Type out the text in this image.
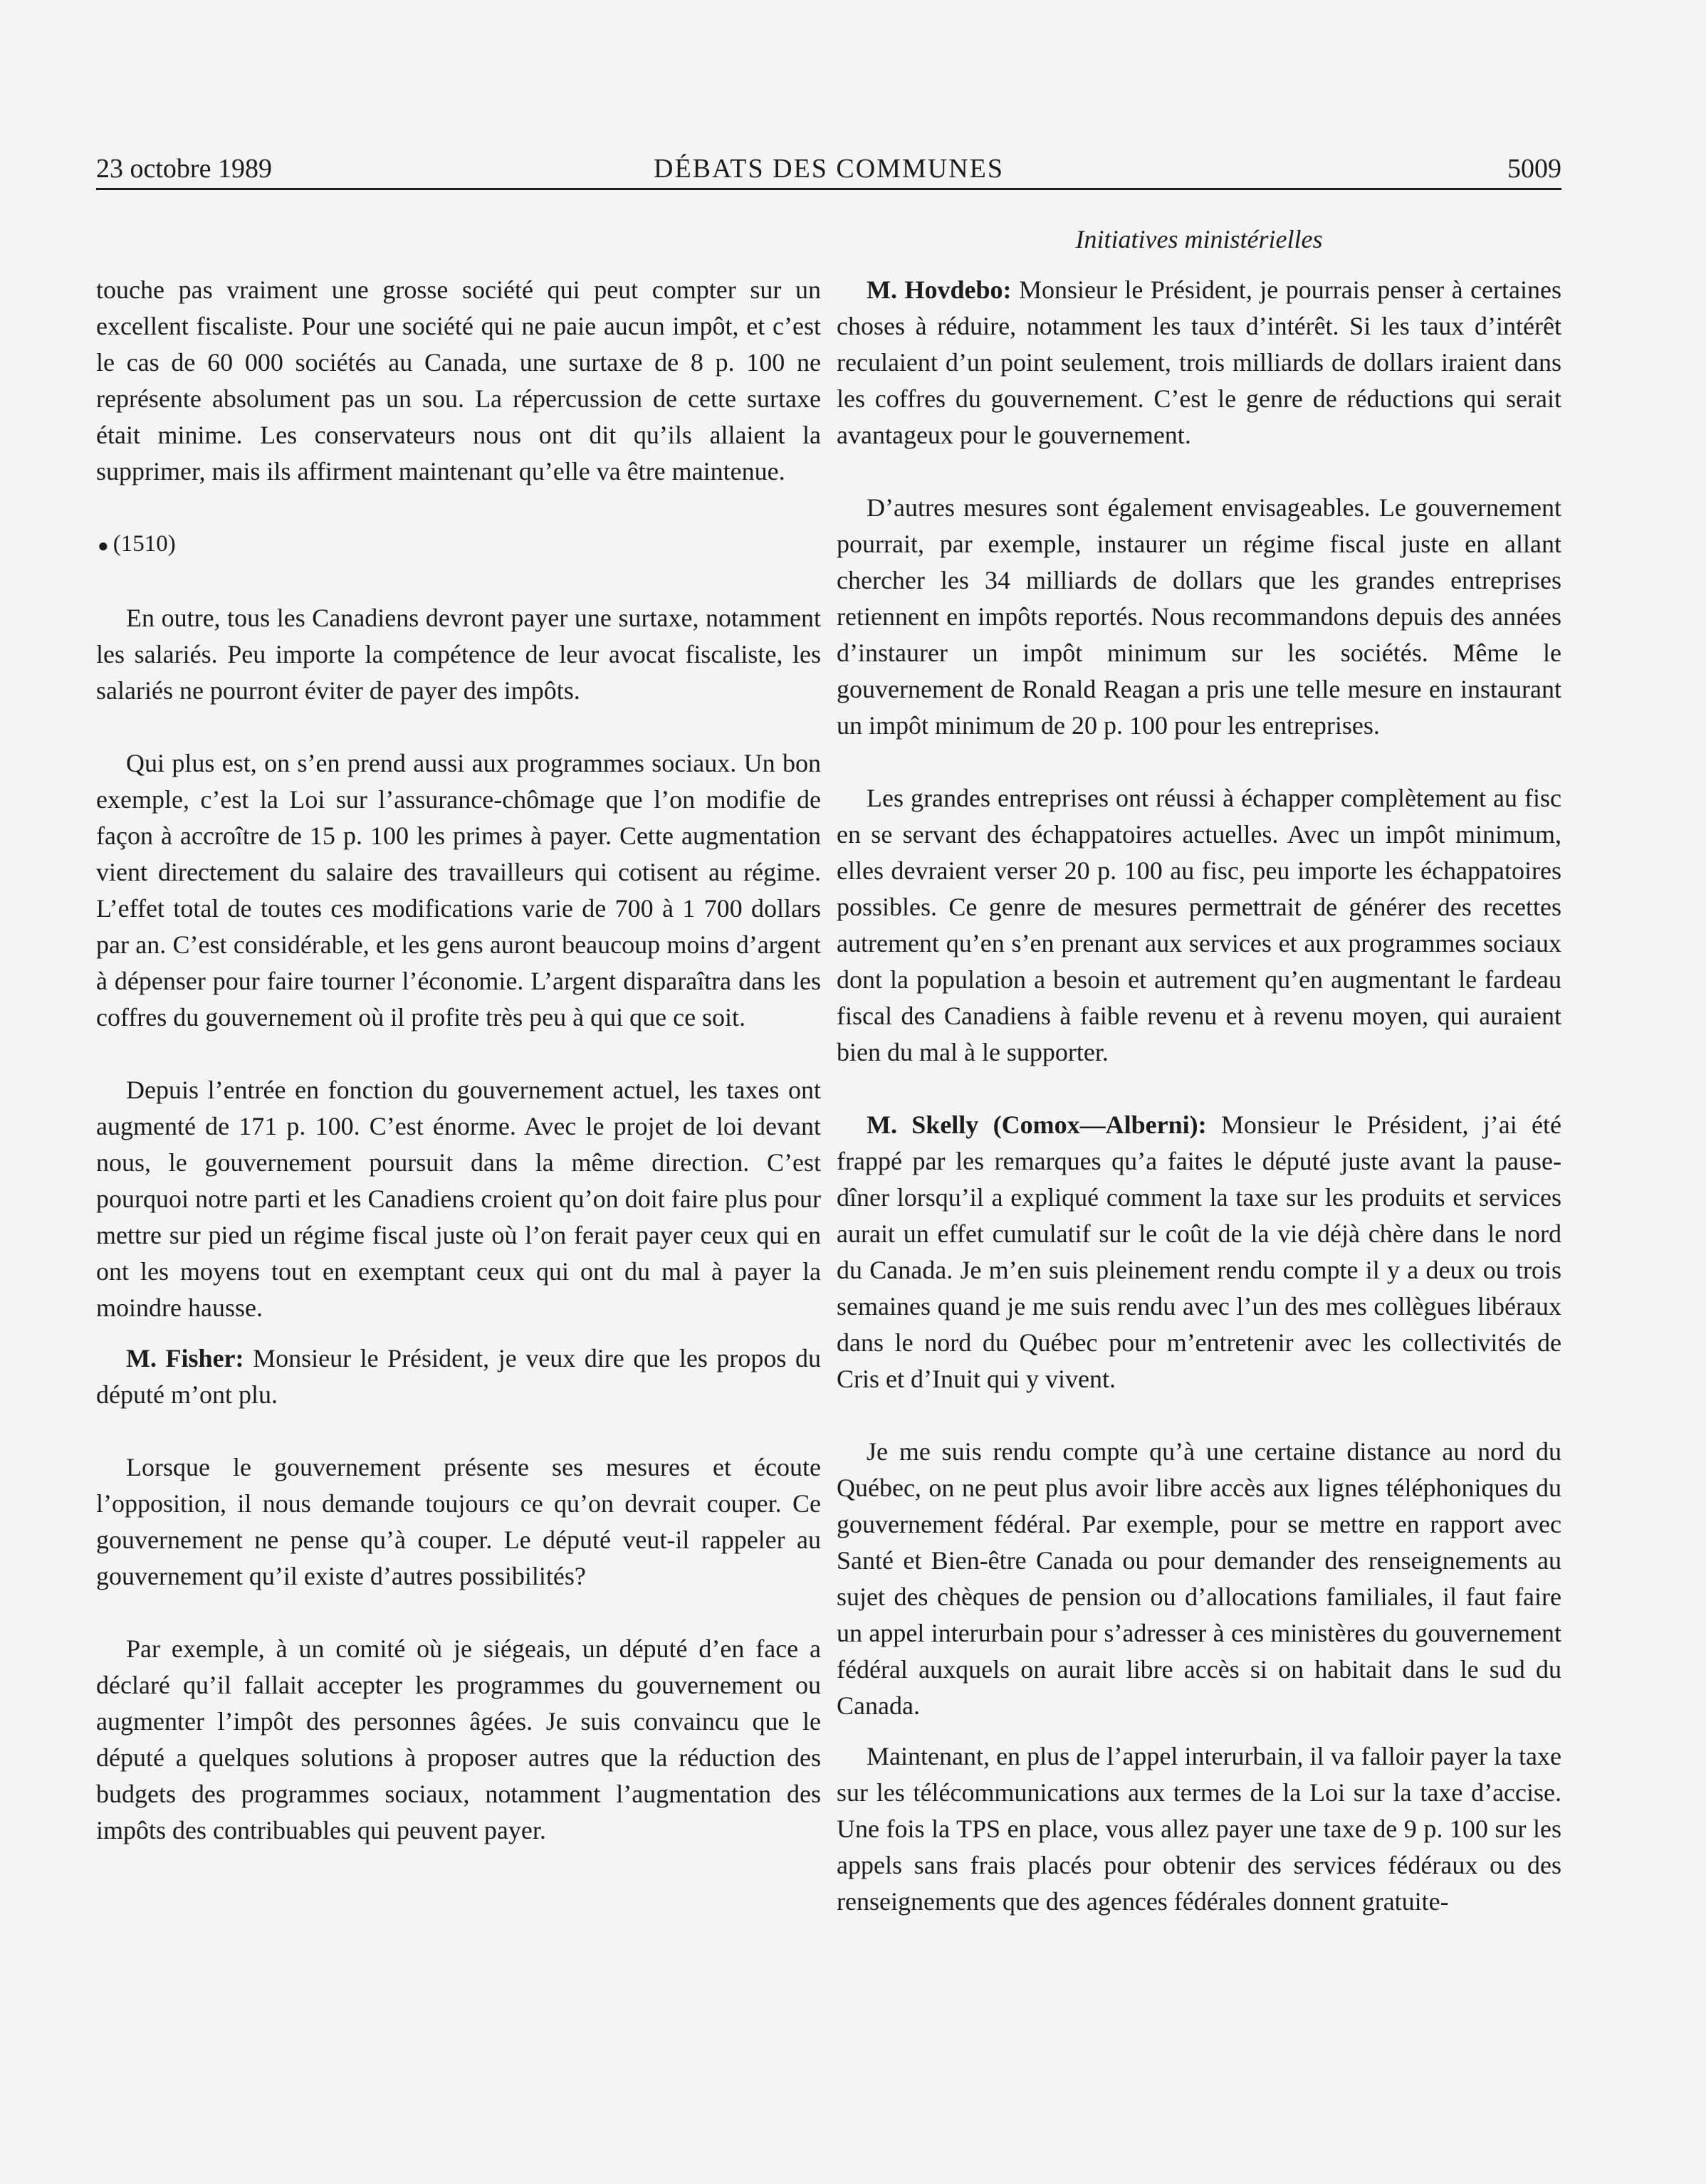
23 octobre 1989	DÉBATS DES COMMUNES	5009
Initiatives ministérielles

touche pas vraiment une grosse société qui peut compter sur un excellent fiscaliste. Pour une société qui ne paie aucun impôt, et c’est le cas de 60 000 sociétés au Canada, une surtaxe de 8 p. 100 ne représente absolument pas un sou. La répercussion de cette surtaxe était minime. Les conservateurs nous ont dit qu’ils allaient la supprimer, mais ils affirment maintenant qu’elle va être maintenue.

● (1510)

En outre, tous les Canadiens devront payer une surtaxe, notamment les salariés. Peu importe la compétence de leur avocat fiscaliste, les salariés ne pourront éviter de payer des impôts.

Qui plus est, on s’en prend aussi aux programmes sociaux. Un bon exemple, c’est la Loi sur l’assurance-chômage que l’on modifie de façon à accroître de 15 p. 100 les primes à payer. Cette augmentation vient directement du salaire des travailleurs qui cotisent au régime. L’effet total de toutes ces modifications varie de 700 à 1 700 dollars par an. C’est considérable, et les gens auront beaucoup moins d’argent à dépenser pour faire tourner l’économie. L’argent disparaîtra dans les coffres du gouvernement où il profite très peu à qui que ce soit.

Depuis l’entrée en fonction du gouvernement actuel, les taxes ont augmenté de 171 p. 100. C’est énorme. Avec le projet de loi devant nous, le gouvernement poursuit dans la même direction. C’est pourquoi notre parti et les Canadiens croient qu’on doit faire plus pour mettre sur pied un régime fiscal juste où l’on ferait payer ceux qui en ont les moyens tout en exemptant ceux qui ont du mal à payer la moindre hausse.

M. Fisher: Monsieur le Président, je veux dire que les propos du député m’ont plu.

Lorsque le gouvernement présente ses mesures et écoute l’opposition, il nous demande toujours ce qu’on devrait couper. Ce gouvernement ne pense qu’à couper. Le député veut-il rappeler au gouvernement qu’il existe d’autres possibilités?

Par exemple, à un comité où je siégeais, un député d’en face a déclaré qu’il fallait accepter les programmes du gouvernement ou augmenter l’impôt des personnes âgées. Je suis convaincu que le député a quelques solutions à proposer autres que la réduction des budgets des programmes sociaux, notamment l’augmentation des impôts des contribuables qui peuvent payer.

M. Hovdebo: Monsieur le Président, je pourrais penser à certaines choses à réduire, notamment les taux d’intérêt. Si les taux d’intérêt reculaient d’un point seulement, trois milliards de dollars iraient dans les coffres du gouvernement. C’est le genre de réductions qui serait avantageux pour le gouvernement.

D’autres mesures sont également envisageables. Le gouvernement pourrait, par exemple, instaurer un régime fiscal juste en allant chercher les 34 milliards de dollars que les grandes entreprises retiennent en impôts reportés. Nous recommandons depuis des années d’instaurer un impôt minimum sur les sociétés. Même le gouvernement de Ronald Reagan a pris une telle mesure en instaurant un impôt minimum de 20 p. 100 pour les entreprises.

Les grandes entreprises ont réussi à échapper complètement au fisc en se servant des échappatoires actuelles. Avec un impôt minimum, elles devraient verser 20 p. 100 au fisc, peu importe les échappatoires possibles. Ce genre de mesures permettrait de générer des recettes autrement qu’en s’en prenant aux services et aux programmes sociaux dont la population a besoin et autrement qu’en augmentant le fardeau fiscal des Canadiens à faible revenu et à revenu moyen, qui auraient bien du mal à le supporter.

M. Skelly (Comox—Alberni): Monsieur le Président, j’ai été frappé par les remarques qu’a faites le député juste avant la pause-dîner lorsqu’il a expliqué comment la taxe sur les produits et services aurait un effet cumulatif sur le coût de la vie déjà chère dans le nord du Canada. Je m’en suis pleinement rendu compte il y a deux ou trois semaines quand je me suis rendu avec l’un des mes collègues libéraux dans le nord du Québec pour m’entretenir avec les collectivités de Cris et d’Inuit qui y vivent.

Je me suis rendu compte qu’à une certaine distance au nord du Québec, on ne peut plus avoir libre accès aux lignes téléphoniques du gouvernement fédéral. Par exemple, pour se mettre en rapport avec Santé et Bien-être Canada ou pour demander des renseignements au sujet des chèques de pension ou d’allocations familiales, il faut faire un appel interurbain pour s’adresser à ces ministères du gouvernement fédéral auxquels on aurait libre accès si on habitait dans le sud du Canada.

Maintenant, en plus de l’appel interurbain, il va falloir payer la taxe sur les télécommunications aux termes de la Loi sur la taxe d’accise. Une fois la TPS en place, vous allez payer une taxe de 9 p. 100 sur les appels sans frais placés pour obtenir des services fédéraux ou des renseignements que des agences fédérales donnent gratuite-
